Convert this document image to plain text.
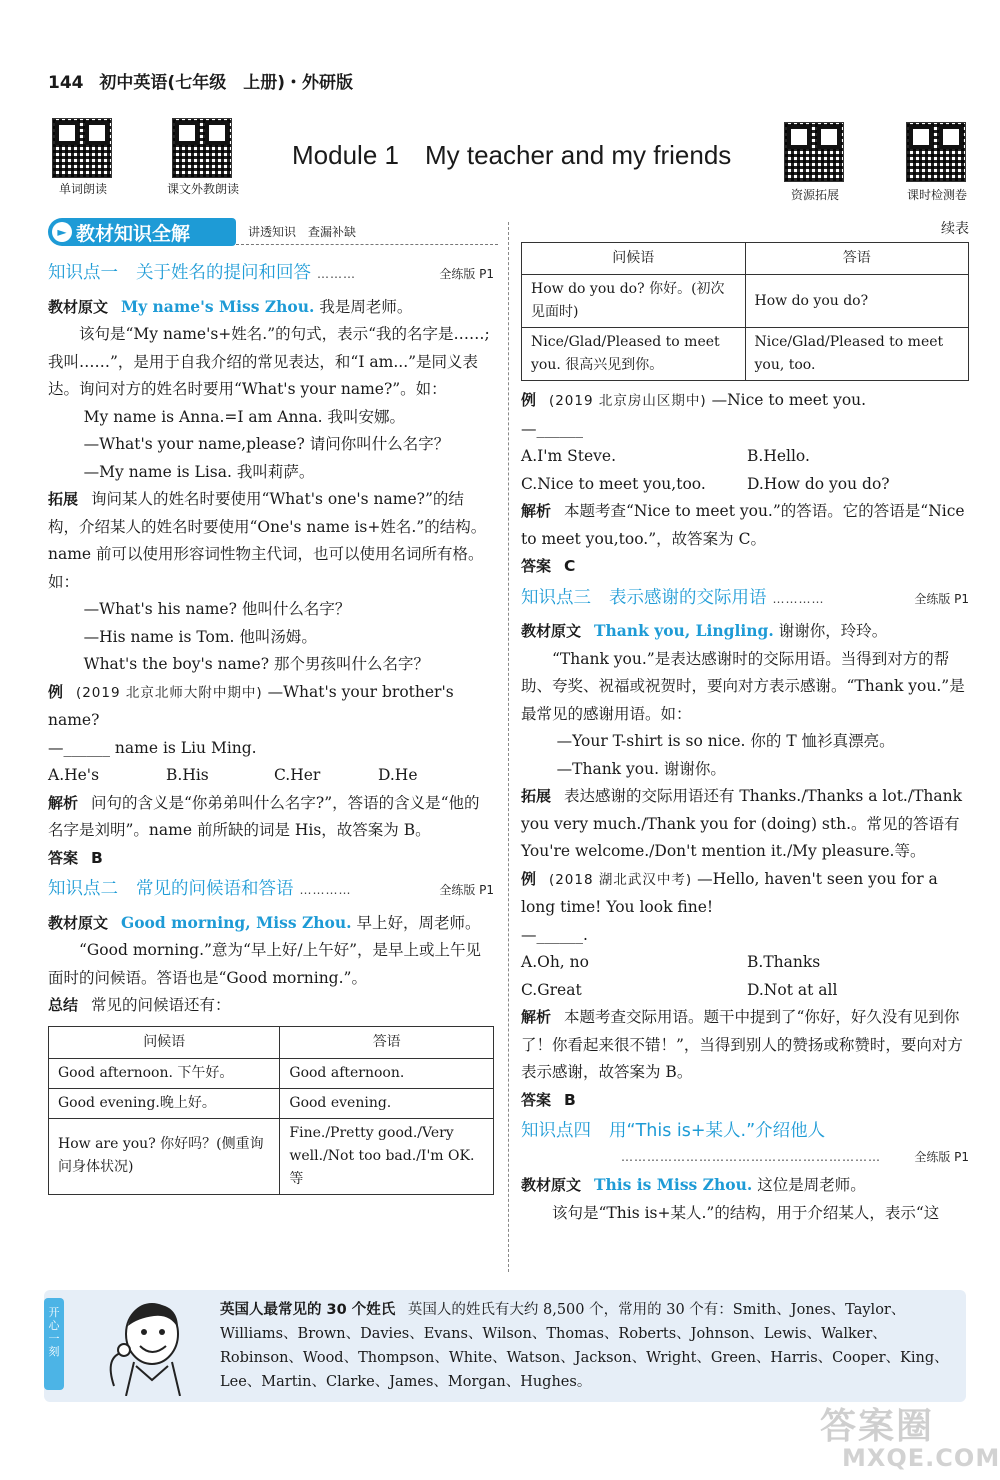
144 初中英语(七年级　上册)・外研版
单词朗读	课文外教朗读
Module 1　My teacher and my friends
资源拓展	课时检测卷
► 教材知识全解	讲透知识　查漏补缺
知识点一 关于姓名的提问和回答 ………	全练版 P1

教材原文 My name's Miss Zhou. 我是周老师。

该句是“My name's+姓名.”的句式，表示“我的名字是……;我叫……”，是用于自我介绍的常见表达，和“I am...”是同义表达。询问对方的姓名时要用“What's your name?”。如：

My name is Anna.=I am Anna. 我叫安娜。

—What's your name,please? 请问你叫什么名字？

—My name is Lisa. 我叫莉萨。

拓展 询问某人的姓名时要使用“What's one's name?”的结构，介绍某人的姓名时要使用“One's name is+姓名.”的结构。name 前可以使用形容词性物主代词，也可以使用名词所有格。如：

—What's his name? 他叫什么名字？

—His name is Tom. 他叫汤姆。

What's the boy's name? 那个男孩叫什么名字？

例 (2019 北京北师大附中期中) —What's your brother's name?

—______ name is Liu Ming.

A.He's	B.His	C.Her	D.He

解析 问句的含义是“你弟弟叫什么名字?”，答语的含义是“他的名字是刘明”。name 前所缺的词是 His，故答案为 B。

答案 B

知识点二 常见的问候语和答语 …………	全练版 P1

教材原文 Good morning, Miss Zhou. 早上好，周老师。

“Good morning.”意为“早上好/上午好”，是早上或上午见面时的问候语。答语也是“Good morning.”。

总结 常见的问候语还有：

问候语	答语
Good afternoon. 下午好。	Good afternoon.
Good evening.晚上好。	Good evening.
How are you? 你好吗？(侧重询问身体状况)	Fine./Pretty good./Very well./Not too bad./I'm OK.等
续表
问候语	答语
How do you do? 你好。(初次见面时)	How do you do?
Nice/Glad/Pleased to meet you. 很高兴见到你。	Nice/Glad/Pleased to meet you, too.

例 (2019 北京房山区期中) —Nice to meet you.

—______

A.I'm Steve.	B.Hello.
C.Nice to meet you,too.	D.How do you do?

解析 本题考查“Nice to meet you.”的答语。它的答语是“Nice to meet you,too.”，故答案为 C。

答案 C

知识点三 表示感谢的交际用语 …………	全练版 P1

教材原文 Thank you, Lingling. 谢谢你，玲玲。

“Thank you.”是表达感谢时的交际用语。当得到对方的帮助、夸奖、祝福或祝贺时，要向对方表示感谢。“Thank you.”是最常见的感谢用语。如：

—Your T-shirt is so nice. 你的 T 恤衫真漂亮。

—Thank you. 谢谢你。

拓展 表达感谢的交际用语还有 Thanks./Thanks a lot./Thank you very much./Thank you for (doing) sth.。常见的答语有 You're welcome./Don't mention it./My pleasure.等。

例 (2018 湖北武汉中考) —Hello, haven't seen you for a long time! You look fine!

—______.

A.Oh, no	B.Thanks
C.Great	D.Not at all

解析 本题考查交际用语。题干中提到了“你好，好久没有见到你了！你看起来很不错！”，当得到别人的赞扬或称赞时，要向对方表示感谢，故答案为 B。

答案 B

知识点四 用“This is+某人.”介绍他人
……………………………………………………	全练版 P1

教材原文 This is Miss Zhou. 这位是周老师。

该句是“This is+某人.”的结构，用于介绍某人，表示“这

开心一刻
英国人最常见的 30 个姓氏 英国人的姓氏有大约 8,500 个，常用的 30 个有：Smith、Jones、Taylor、Williams、Brown、Davies、Evans、Wilson、Thomas、Roberts、Johnson、Lewis、Walker、Robinson、Wood、Thompson、White、Watson、Jackson、Wright、Green、Harris、Cooper、King、Lee、Martin、Clarke、James、Morgan、Hughes。
答案圈
MXQE.COM
